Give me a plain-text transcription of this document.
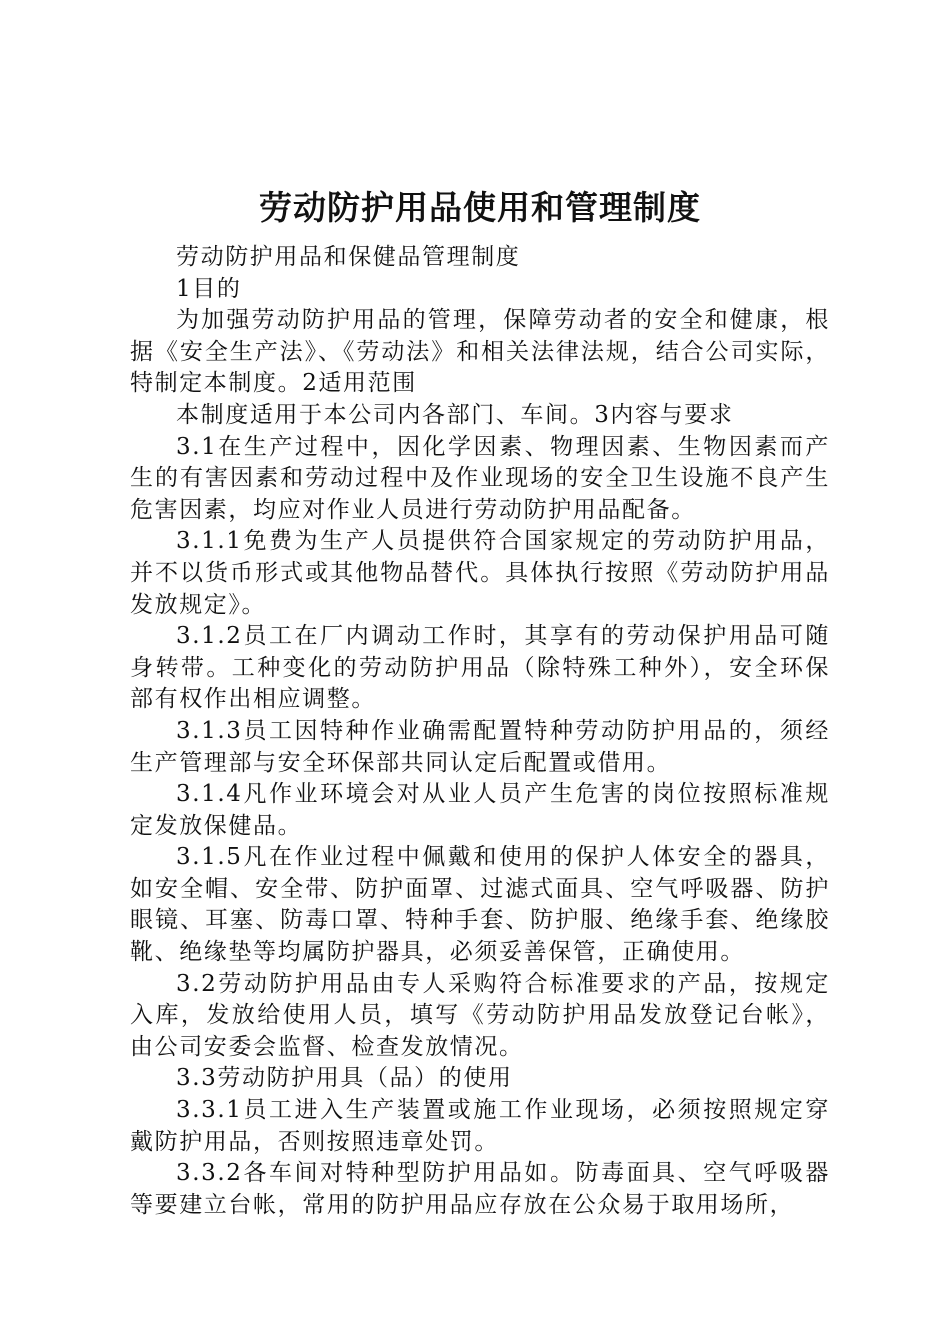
劳动防护用品使用和管理制度

劳动防护用品和保健品管理制度

1目的

为加强劳动防护用品的管理，保障劳动者的安全和健康，根据《安全生产法》、《劳动法》和相关法律法规，结合公司实际，特制定本制度。2适用范围

本制度适用于本公司内各部门、车间。3内容与要求

3.1在生产过程中，因化学因素、物理因素、生物因素而产生的有害因素和劳动过程中及作业现场的安全卫生设施不良产生危害因素，均应对作业人员进行劳动防护用品配备。

3.1.1免费为生产人员提供符合国家规定的劳动防护用品，并不以货币形式或其他物品替代。具体执行按照《劳动防护用品发放规定》。

3.1.2员工在厂内调动工作时，其享有的劳动保护用品可随身转带。工种变化的劳动防护用品（除特殊工种外），安全环保部有权作出相应调整。

3.1.3员工因特种作业确需配置特种劳动防护用品的，须经生产管理部与安全环保部共同认定后配置或借用。

3.1.4凡作业环境会对从业人员产生危害的岗位按照标准规定发放保健品。

3.1.5凡在作业过程中佩戴和使用的保护人体安全的器具，如安全帽、安全带、防护面罩、过滤式面具、空气呼吸器、防护眼镜、耳塞、防毒口罩、特种手套、防护服、绝缘手套、绝缘胶靴、绝缘垫等均属防护器具，必须妥善保管，正确使用。

3.2劳动防护用品由专人采购符合标准要求的产品，按规定入库，发放给使用人员，填写《劳动防护用品发放登记台帐》，由公司安委会监督、检查发放情况。

3.3劳动防护用具（品）的使用

3.3.1员工进入生产装置或施工作业现场，必须按照规定穿戴防护用品，否则按照违章处罚。

3.3.2各车间对特种型防护用品如。防毒面具、空气呼吸器等要建立台帐，常用的防护用品应存放在公众易于取用场所，
